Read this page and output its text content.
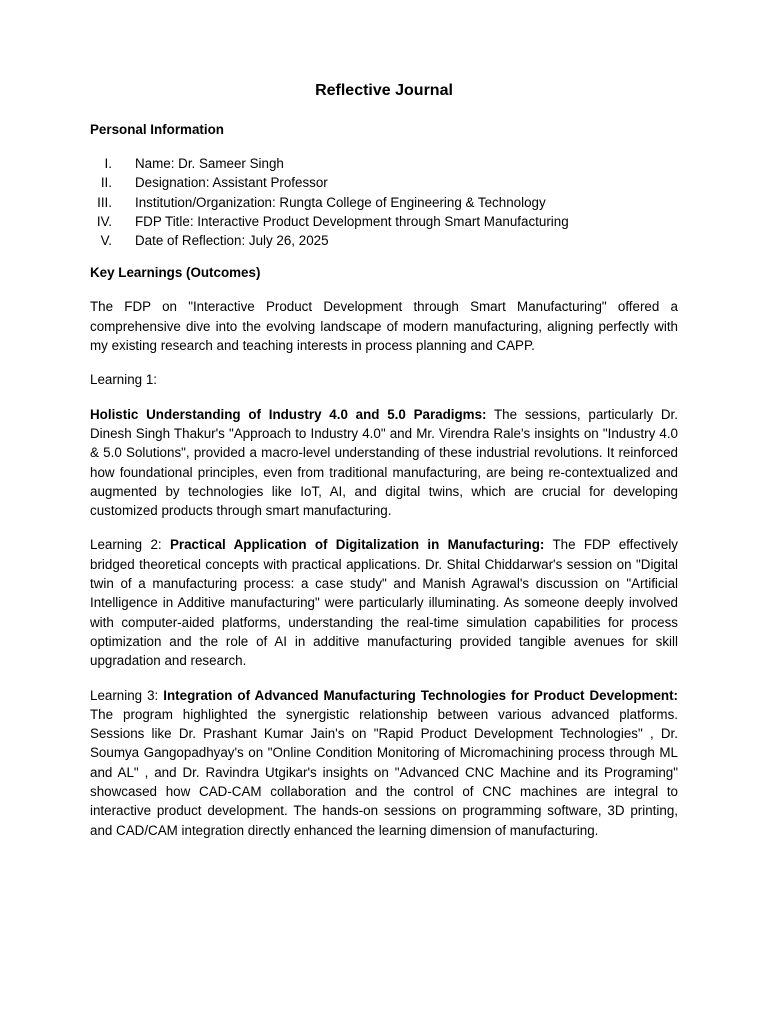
Reflective Journal
Personal Information
I. Name: Dr. Sameer Singh
II. Designation: Assistant Professor
III. Institution/Organization: Rungta College of Engineering & Technology
IV. FDP Title: Interactive Product Development through Smart Manufacturing
V. Date of Reflection: July 26, 2025
Key Learnings (Outcomes)

The FDP on "Interactive Product Development through Smart Manufacturing" offered a comprehensive dive into the evolving landscape of modern manufacturing, aligning perfectly with my existing research and teaching interests in process planning and CAPP.

Learning 1:

Holistic Understanding of Industry 4.0 and 5.0 Paradigms: The sessions, particularly Dr. Dinesh Singh Thakur's "Approach to Industry 4.0" and Mr. Virendra Rale's insights on "Industry 4.0 & 5.0 Solutions", provided a macro-level understanding of these industrial revolutions. It reinforced how foundational principles, even from traditional manufacturing, are being re-contextualized and augmented by technologies like IoT, AI, and digital twins, which are crucial for developing customized products through smart manufacturing.

Learning 2: Practical Application of Digitalization in Manufacturing: The FDP effectively bridged theoretical concepts with practical applications. Dr. Shital Chiddarwar's session on "Digital twin of a manufacturing process: a case study" and Manish Agrawal's discussion on "Artificial Intelligence in Additive manufacturing" were particularly illuminating. As someone deeply involved with computer-aided platforms, understanding the real-time simulation capabilities for process optimization and the role of AI in additive manufacturing provided tangible avenues for skill upgradation and research.

Learning 3: Integration of Advanced Manufacturing Technologies for Product Development: The program highlighted the synergistic relationship between various advanced platforms. Sessions like Dr. Prashant Kumar Jain's on "Rapid Product Development Technologies" , Dr. Soumya Gangopadhyay's on "Online Condition Monitoring of Micromachining process through ML and AL" , and Dr. Ravindra Utgikar's insights on "Advanced CNC Machine and its Programing" showcased how CAD-CAM collaboration and the control of CNC machines are integral to interactive product development. The hands-on sessions on programming software, 3D printing, and CAD/CAM integration directly enhanced the learning dimension of manufacturing.
